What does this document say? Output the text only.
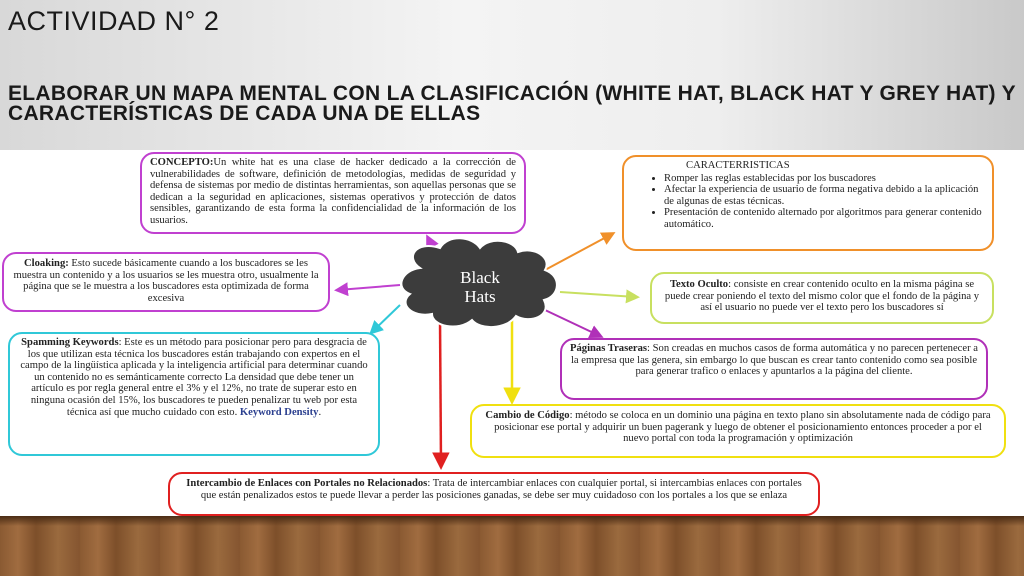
ACTIVIDAD N° 2
ELABORAR UN MAPA MENTAL CON LA CLASIFICACIÓN (WHITE HAT, BLACK HAT Y GREY HAT) Y CARACTERÍSTICAS DE CADA UNA DE ELLAS
Black
Hats
CONCEPTO:Un white hat es una clase de hacker dedicado a la corrección de vulnerabilidades de software, definición de metodologías, medidas de seguridad y defensa de sistemas por medio de distintas herramientas, son aquellas personas que se dedican a la seguridad en aplicaciones, sistemas operativos y protección de datos sensibles, garantizando de esta forma la confidencialidad de la información de los usuarios.
CARACTERRISTICAS
• Romper las reglas establecidas por los buscadores
• Afectar la experiencia de usuario de forma negativa debido a la aplicación de algunas de estas técnicas.
• Presentación de contenido alternado por algoritmos para generar contenido automático.
Cloaking: Esto sucede básicamente cuando a los buscadores se les muestra un contenido y a los usuarios se les muestra otro, usualmente la página que se le muestra a los buscadores esta optimizada de forma excesiva
Texto Oculto: consiste en crear contenido oculto en la misma página se puede crear poniendo el texto del mismo color que el fondo de la página y así el usuario no puede ver el texto pero los buscadores sí
Spamming Keywords: Este es un método para posicionar pero para desgracia de los que utilizan esta técnica los buscadores están trabajando con expertos en el campo de la lingüística aplicada y la inteligencia artificial para determinar cuando un contenido no es semánticamente correcto La densidad que debe tener un artículo es por regla general entre el 3% y el 12%, no trate de superar esto en ninguna ocasión del 15%, los buscadores te pueden penalizar tu web por esta técnica así que mucho cuidado con esto. Keyword Density.
Páginas Traseras: Son creadas en muchos casos de forma automática y no parecen pertenecer a la empresa que las genera, sin embargo lo que buscan es crear tanto contenido como sea posible para generar trafico o enlaces y apuntarlos a la página del cliente.
Cambio de Código: método se coloca en un dominio una página en texto plano sin absolutamente nada de código para posicionar ese portal y adquirir un buen pagerank y luego de obtener el posicionamiento entonces proceder a por el nuevo portal con toda la programación y optimización
Intercambio de Enlaces con Portales no Relacionados: Trata de intercambiar enlaces con cualquier portal, si intercambias enlaces con portales que están penalizados estos te puede llevar a perder las posiciones ganadas, se debe ser muy cuidadoso con los portales a los que se enlaza
